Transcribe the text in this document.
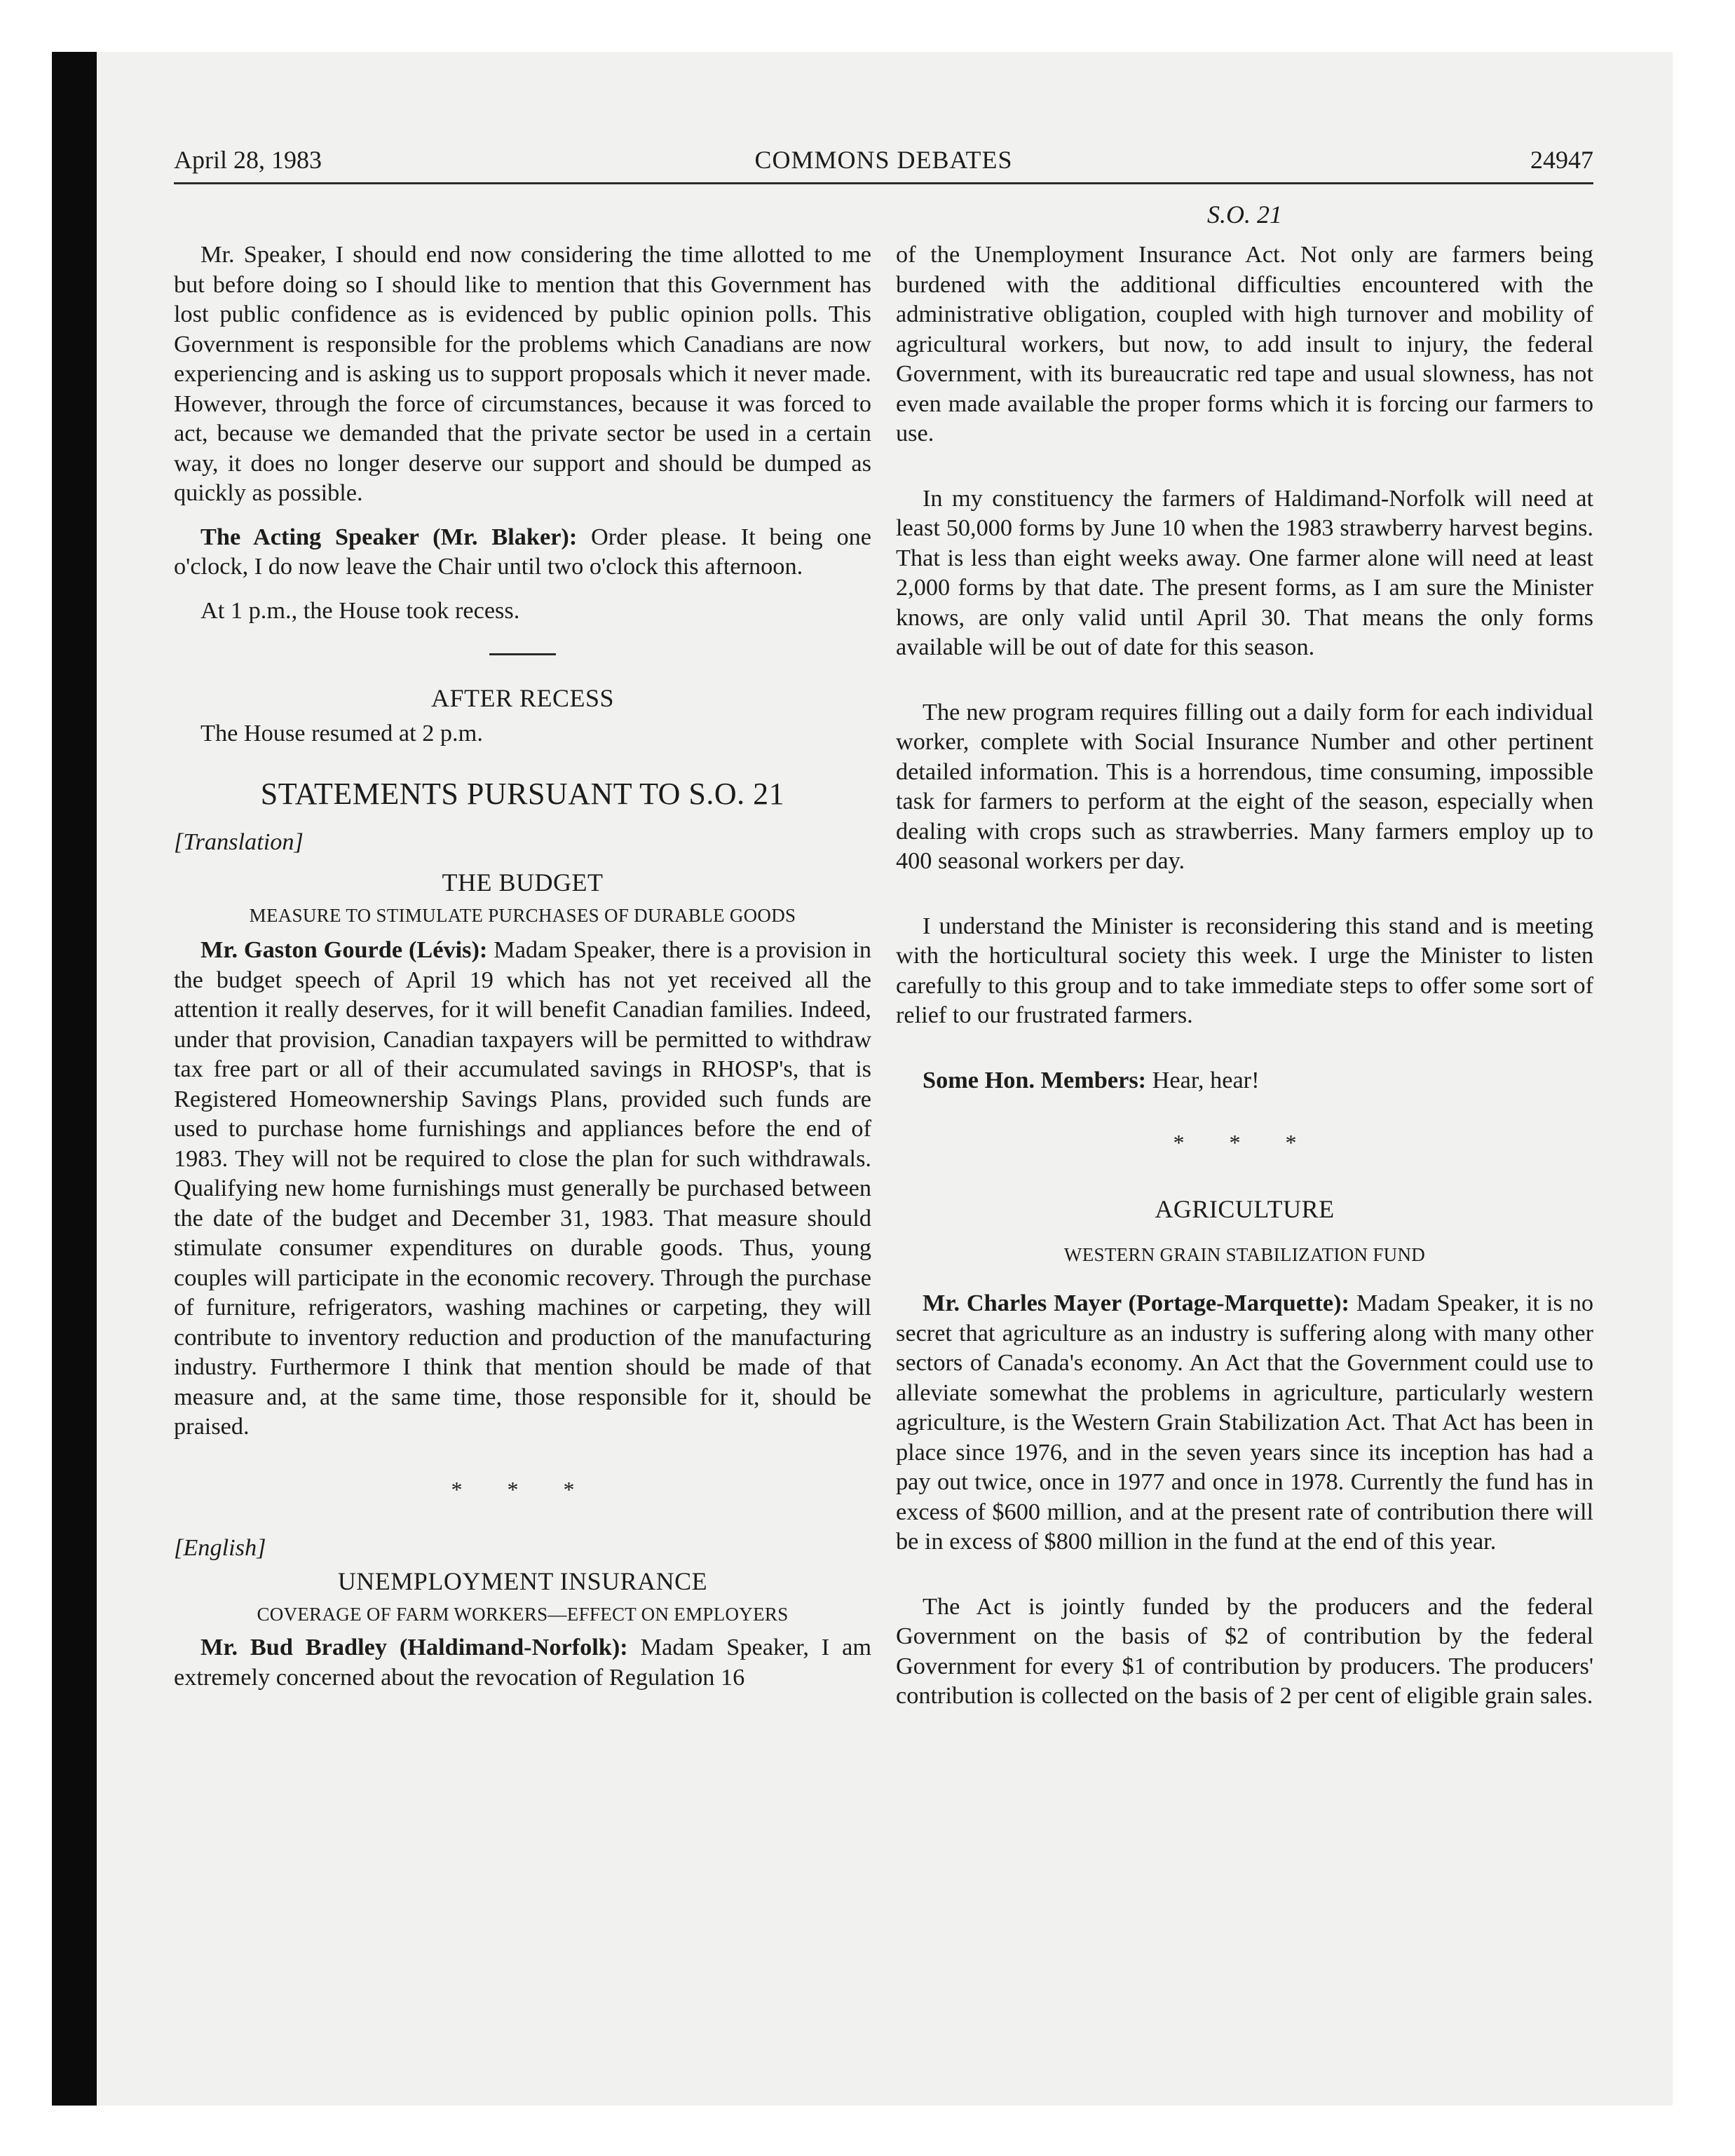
April 28, 1983	COMMONS DEBATES	24947
S.O. 21

Mr. Speaker, I should end now considering the time allotted to me but before doing so I should like to mention that this Government has lost public confidence as is evidenced by public opinion polls. This Government is responsible for the problems which Canadians are now experiencing and is asking us to support proposals which it never made. However, through the force of circumstances, because it was forced to act, because we demanded that the private sector be used in a certain way, it does no longer deserve our support and should be dumped as quickly as possible.

The Acting Speaker (Mr. Blaker): Order please. It being one o'clock, I do now leave the Chair until two o'clock this afternoon.

At 1 p.m., the House took recess.

AFTER RECESS

The House resumed at 2 p.m.

STATEMENTS PURSUANT TO S.O. 21

[Translation]

THE BUDGET
MEASURE TO STIMULATE PURCHASES OF DURABLE GOODS

Mr. Gaston Gourde (Lévis): Madam Speaker, there is a provision in the budget speech of April 19 which has not yet received all the attention it really deserves, for it will benefit Canadian families. Indeed, under that provision, Canadian taxpayers will be permitted to withdraw tax free part or all of their accumulated savings in RHOSP's, that is Registered Homeownership Savings Plans, provided such funds are used to purchase home furnishings and appliances before the end of 1983. They will not be required to close the plan for such withdrawals. Qualifying new home furnishings must generally be purchased between the date of the budget and December 31, 1983. That measure should stimulate consumer expenditures on durable goods. Thus, young couples will participate in the economic recovery. Through the purchase of furniture, refrigerators, washing machines or carpeting, they will contribute to inventory reduction and production of the manufacturing industry. Furthermore I think that mention should be made of that measure and, at the same time, those responsible for it, should be praised.

* * *

[English]

UNEMPLOYMENT INSURANCE
COVERAGE OF FARM WORKERS—EFFECT ON EMPLOYERS

Mr. Bud Bradley (Haldimand-Norfolk): Madam Speaker, I am extremely concerned about the revocation of Regulation 16

of the Unemployment Insurance Act. Not only are farmers being burdened with the additional difficulties encountered with the administrative obligation, coupled with high turnover and mobility of agricultural workers, but now, to add insult to injury, the federal Government, with its bureaucratic red tape and usual slowness, has not even made available the proper forms which it is forcing our farmers to use.

In my constituency the farmers of Haldimand-Norfolk will need at least 50,000 forms by June 10 when the 1983 strawberry harvest begins. That is less than eight weeks away. One farmer alone will need at least 2,000 forms by that date. The present forms, as I am sure the Minister knows, are only valid until April 30. That means the only forms available will be out of date for this season.

The new program requires filling out a daily form for each individual worker, complete with Social Insurance Number and other pertinent detailed information. This is a horrendous, time consuming, impossible task for farmers to perform at the eight of the season, especially when dealing with crops such as strawberries. Many farmers employ up to 400 seasonal workers per day.

I understand the Minister is reconsidering this stand and is meeting with the horticultural society this week. I urge the Minister to listen carefully to this group and to take immediate steps to offer some sort of relief to our frustrated farmers.

Some Hon. Members: Hear, hear!

* * *
AGRICULTURE
WESTERN GRAIN STABILIZATION FUND

Mr. Charles Mayer (Portage-Marquette): Madam Speaker, it is no secret that agriculture as an industry is suffering along with many other sectors of Canada's economy. An Act that the Government could use to alleviate somewhat the problems in agriculture, particularly western agriculture, is the Western Grain Stabilization Act. That Act has been in place since 1976, and in the seven years since its inception has had a pay out twice, once in 1977 and once in 1978. Currently the fund has in excess of $600 million, and at the present rate of contribution there will be in excess of $800 million in the fund at the end of this year.

The Act is jointly funded by the producers and the federal Government on the basis of $2 of contribution by the federal Government for every $1 of contribution by producers. The producers' contribution is collected on the basis of 2 per cent of eligible grain sales.
